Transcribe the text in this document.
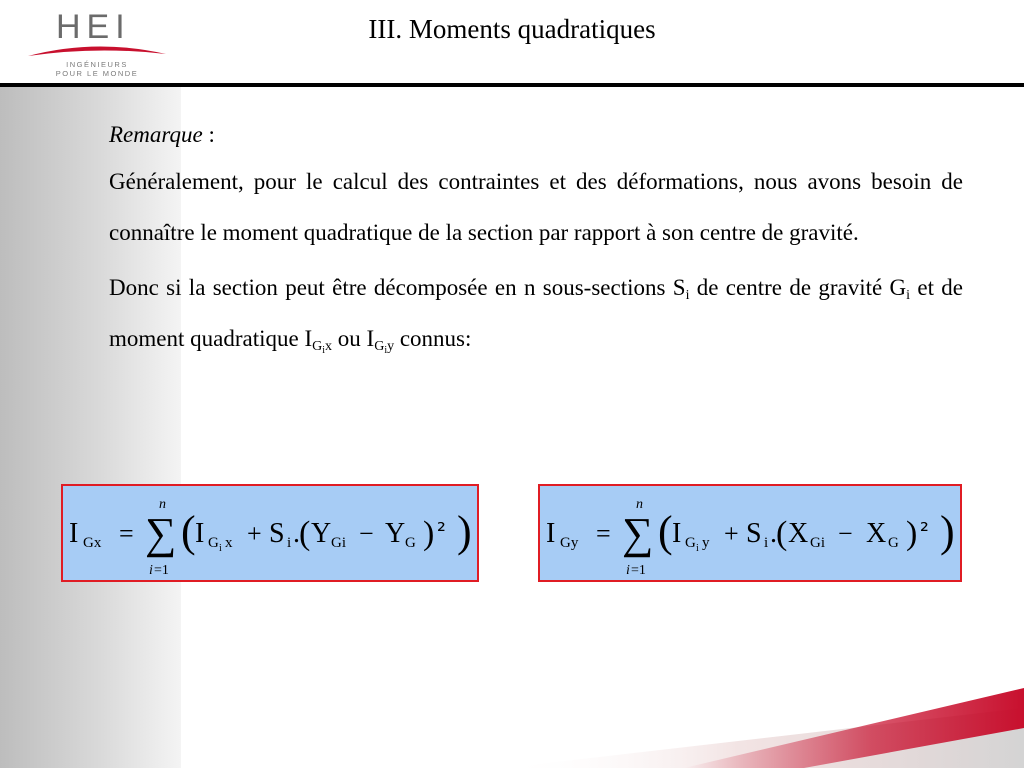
HEI
INGÉNIEURS
POUR LE MONDE
III. Moments quadratiques

Remarque :

Généralement, pour le calcul des contraintes et des déformations, nous avons besoin de connaître le moment quadratique de la section par rapport à son centre de gravité.

Donc si la section peut être décomposée en n sous-sections $S_i$ de centre de gravité $G_i$ et de moment quadratique $I_{G_ix}$ ou $I_{G_iy}$ connus:

I Gx =
n
∑
i =1
( I G i x + S i . ( Y Gi − Y G ) ² )	I Gy =
n
∑
i =1
( I G i y + S i . ( X Gi − X G ) ² )
